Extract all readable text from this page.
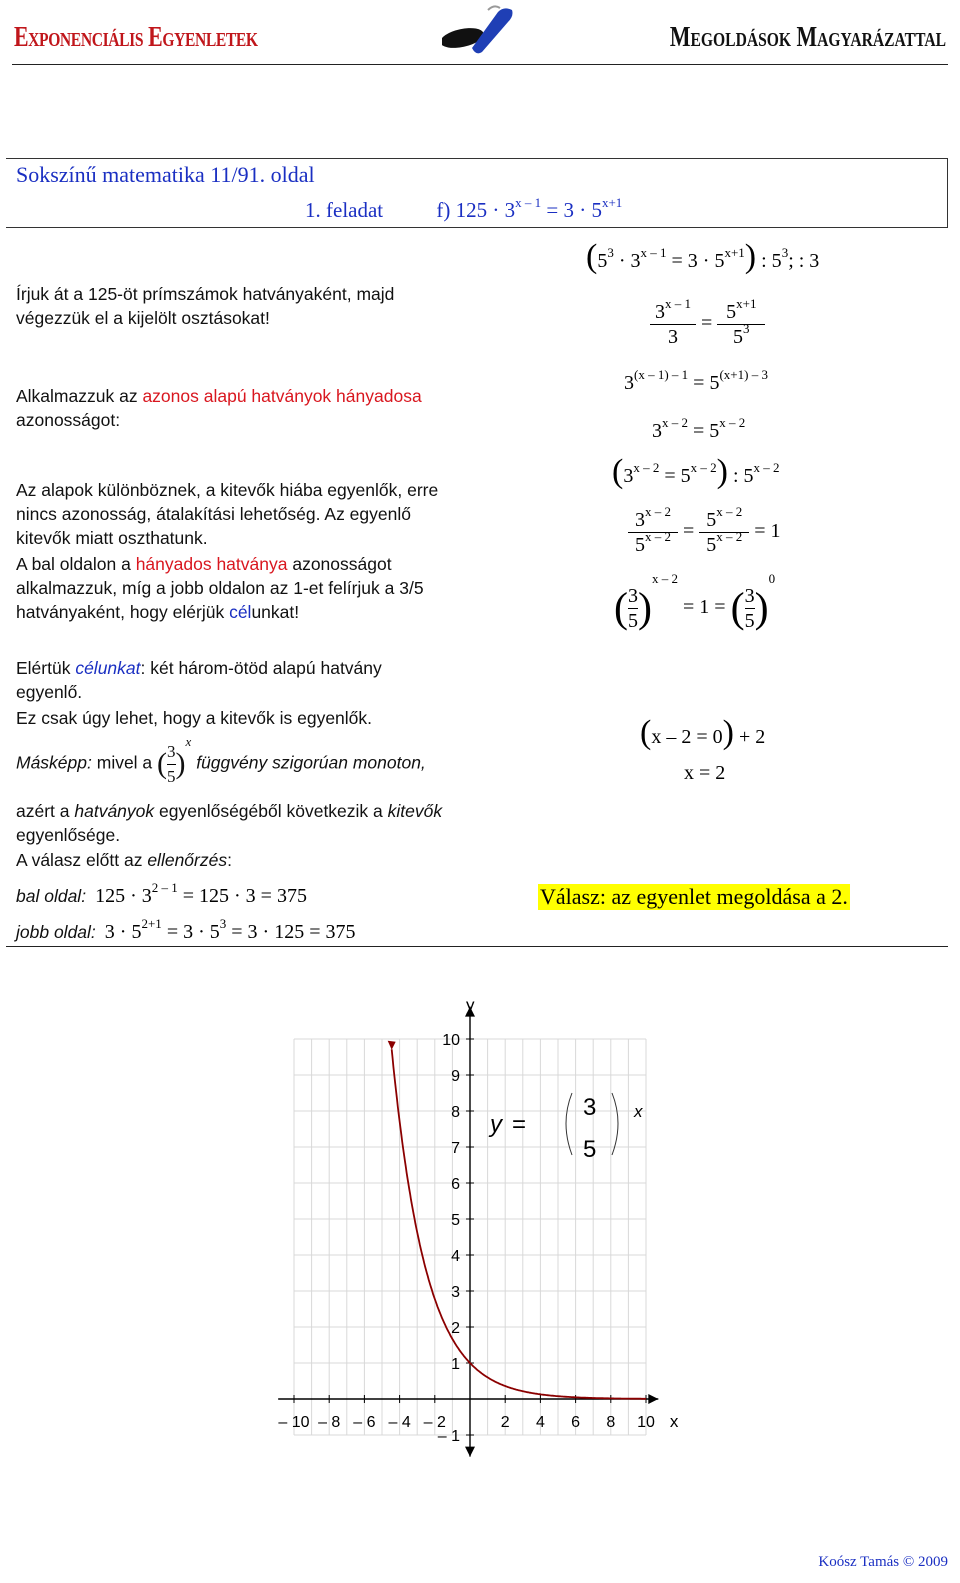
Exponenciális Egyenletek	Megoldások Magyarázattal
Sokszínű matematika 11/91. oldal
1. feladat	f) $125 \cdot 3^{x - 1} = 3 \cdot 5^{x+1}$
Írjuk át a 125-öt prímszámok hatványaként, majd végezzük el a kijelölt osztásokat!
Alkalmazzuk az azonos alapú hatványok hányadosa azonosságot:
Az alapok különböznek, a kitevők hiába egyenlők, erre nincs azonosság, átalakítási lehetőség. Az egyenlő kitevők miatt oszthatunk.
A bal oldalon a hányados hatványa azonosságot alkalmazzuk, míg a jobb oldalon az 1-et felírjuk a 3/5 hatványaként, hogy elérjük célunkat!
Elértük célunkat: két három-ötöd alapú hatvány egyenlő.
Ez csak úgy lehet, hogy a kitevők is egyenlők.
Másképp: mivel a ( $\frac{3}{5} )^x$ függvény szigorúan monoton,
azért a hatványok egyenlőségéből következik a kitevők egyenlősége.
A válasz előtt az ellenőrzés:
bal oldal:  $125 \cdot 3^{2 - 1} = 125 \cdot 3 = 375$
jobb oldal:  $3 \cdot 5^{2+1} = 3 \cdot 5^3 = 3 \cdot 125 = 375$
Válasz: az egyenlet megoldása a 2.
$(5^3 \cdot 3^{x - 1} = 3 \cdot 5^{x+1})$ : $5^3$; : 3
$\frac{3^{x - 1}}{3} = \frac{5^{x+1}}{5^3}$
$3^{(x - 1) - 1} = 5^{(x+1) - 3}$
$3^{x - 2} = 5^{x - 2}$
$(3^{x - 2} = 5^{x - 2})$ : 5$^{x - 2}$
$\frac{3^{x - 2}}{5^{x - 2}} = \frac{5^{x - 2}}{5^{x - 2}} = 1$
( $\frac{3}{5} )^{x - 2} = 1$ = ( $\frac{3}{5} )^0$
(x – 2 = 0) + 2
x = 2
– 10 – 8 – 6 – 4 – 2	2 4 6 8 10
– 1
1
2
3
4
5
6
7
8
9
10
x
y
y =
3
5
x
Koósz Tamás © 2009
